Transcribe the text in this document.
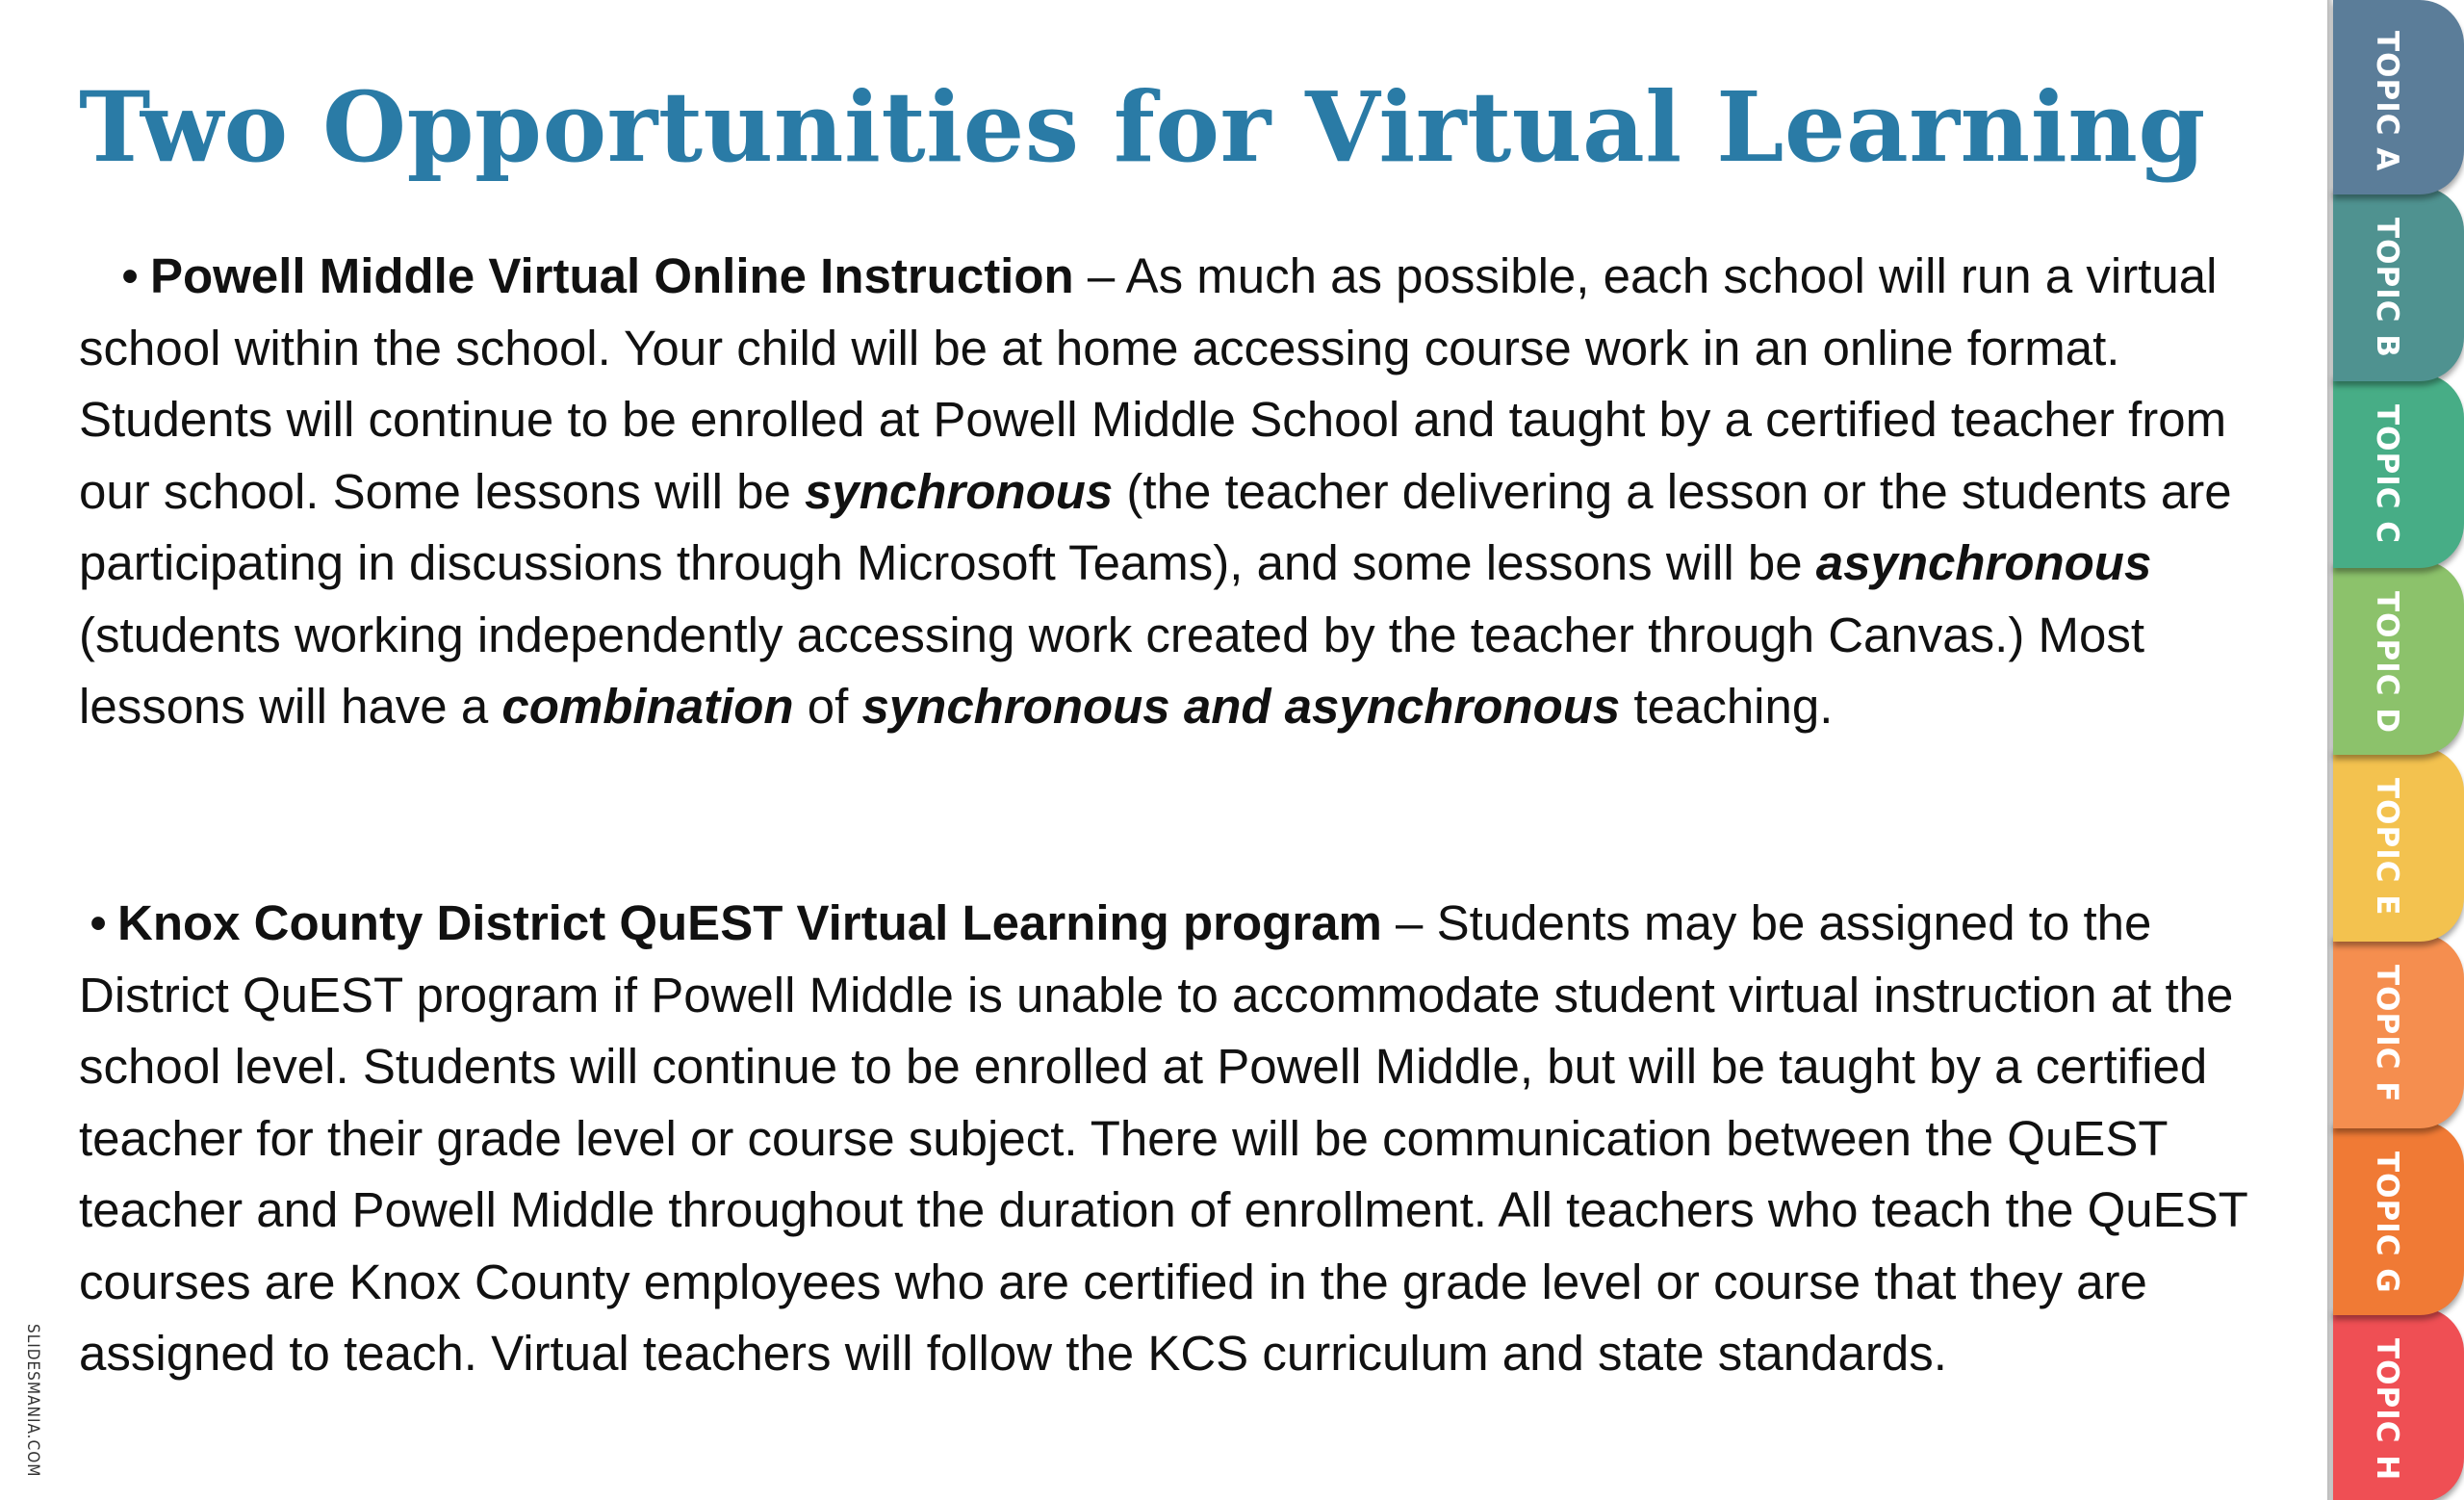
Two Opportunities for Virtual Learning
• Powell Middle Virtual Online Instruction – As much as possible, each school will run a virtual school within the school. Your child will be at home accessing course work in an online format. Students will continue to be enrolled at Powell Middle School and taught by a certified teacher from our school. Some lessons will be synchronous (the teacher delivering a lesson or the students are participating in discussions through Microsoft Teams), and some lessons will be asynchronous (students working independently accessing work created by the teacher through Canvas.) Most lessons will have a combination of synchronous and asynchronous teaching.
• Knox County District QuEST Virtual Learning program – Students may be assigned to the District QuEST program if Powell Middle is unable to accommodate student virtual instruction at the school level. Students will continue to be enrolled at Powell Middle, but will be taught by a certified teacher for their grade level or course subject. There will be communication between the QuEST teacher and Powell Middle throughout the duration of enrollment. All teachers who teach the QuEST courses are Knox County employees who are certified in the grade level or course that they are assigned to teach. Virtual teachers will follow the KCS curriculum and state standards.
SLIDESMANIA.COM
TOPIC A
TOPIC B
TOPIC C
TOPIC D
TOPIC E
TOPIC F
TOPIC G
TOPIC H
